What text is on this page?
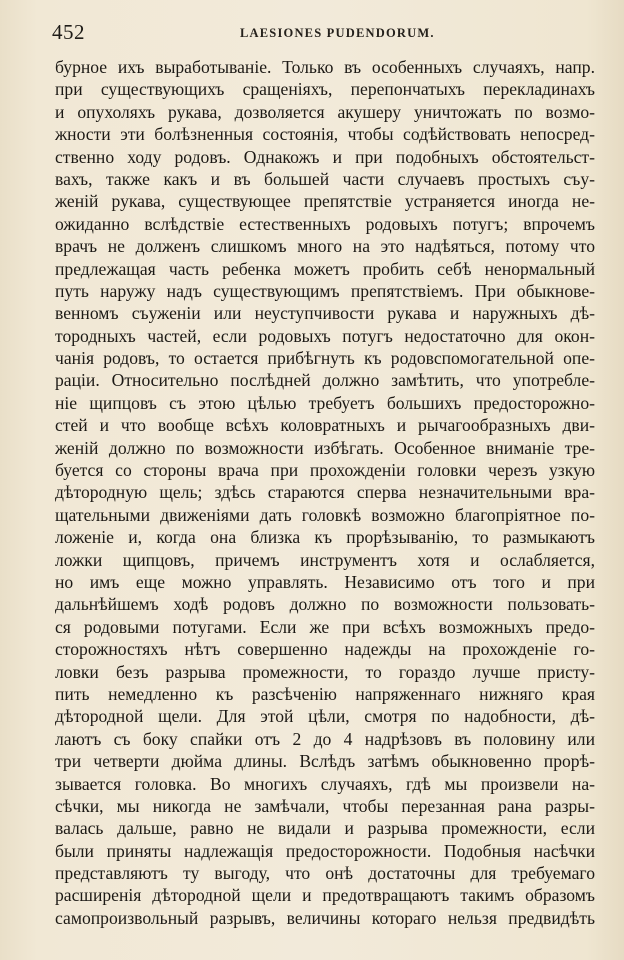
452	LAESIONES PUDENDORUM.
бурное ихъ выработываніе. Только въ особенныхъ случаяхъ, напр.
при существующихъ сращеніяхъ, перепончатыхъ перекладинахъ
и опухоляхъ рукава, дозволяется акушеру уничтожать по возмо-
жности эти болѣзненныя состоянія, чтобы содѣйствовать непосред-
ственно ходу родовъ. Однакожъ и при подобныхъ обстоятельст-
вахъ, также какъ и въ большей части случаевъ простыхъ съу-
женій рукава, существующее препятствіе устраняется иногда не-
ожиданно вслѣдствіе естественныхъ родовыхъ потугъ; впрочемъ
врачъ не долженъ слишкомъ много на это надѣяться, потому что
предлежащая часть ребенка можетъ пробить себѣ ненормальный
путь наружу надъ существующимъ препятствіемъ. При обыкнове-
венномъ съуженіи или неуступчивости рукава и наружныхъ дѣ-
тородныхъ частей, если родовыхъ потугъ недостаточно для окон-
чанія родовъ, то остается прибѣгнуть къ родовспомогательной опе-
раціи. Относительно послѣдней должно замѣтить, что употребле-
ніе щипцовъ съ этою цѣлью требуетъ большихъ предосторожно-
стей и что вообще всѣхъ коловратныхъ и рычагообразныхъ дви-
женій должно по возможности избѣгать. Особенное вниманіе тре-
буется со стороны врача при прохожденіи головки черезъ узкую
дѣтородную щель; здѣсь стараются сперва незначительными вра-
щательными движеніями дать головкѣ возможно благопріятное по-
ложеніе и, когда она близка къ прорѣзыванію, то размыкаютъ
ложки щипцовъ, причемъ инструментъ хотя и ослабляется,
но имъ еще можно управлять. Независимо отъ того и при
дальнѣйшемъ ходѣ родовъ должно по возможности пользовать-
ся родовыми потугами. Если же при всѣхъ возможныхъ предо-
сторожностяхъ нѣтъ совершенно надежды на прохожденіе го-
ловки безъ разрыва промежности, то гораздо лучше присту-
пить немедленно къ разсѣченію напряженнаго нижняго края
дѣтородной щели. Для этой цѣли, смотря по надобности, дѣ-
лаютъ съ боку спайки отъ 2 до 4 надрѣзовъ въ половину или
три четверти дюйма длины. Вслѣдъ затѣмъ обыкновенно прорѣ-
зывается головка. Во многихъ случаяхъ, гдѣ мы произвели на-
сѣчки, мы никогда не замѣчали, чтобы перезанная рана разры-
валась дальше, равно не видали и разрыва промежности, если
были приняты надлежащія предосторожности. Подобныя насѣчки
представляютъ ту выгоду, что онѣ достаточны для требуемаго
расширенія дѣтородной щели и предотвращаютъ такимъ образомъ
самопроизвольный разрывъ, величины котораго нельзя предвидѣть
